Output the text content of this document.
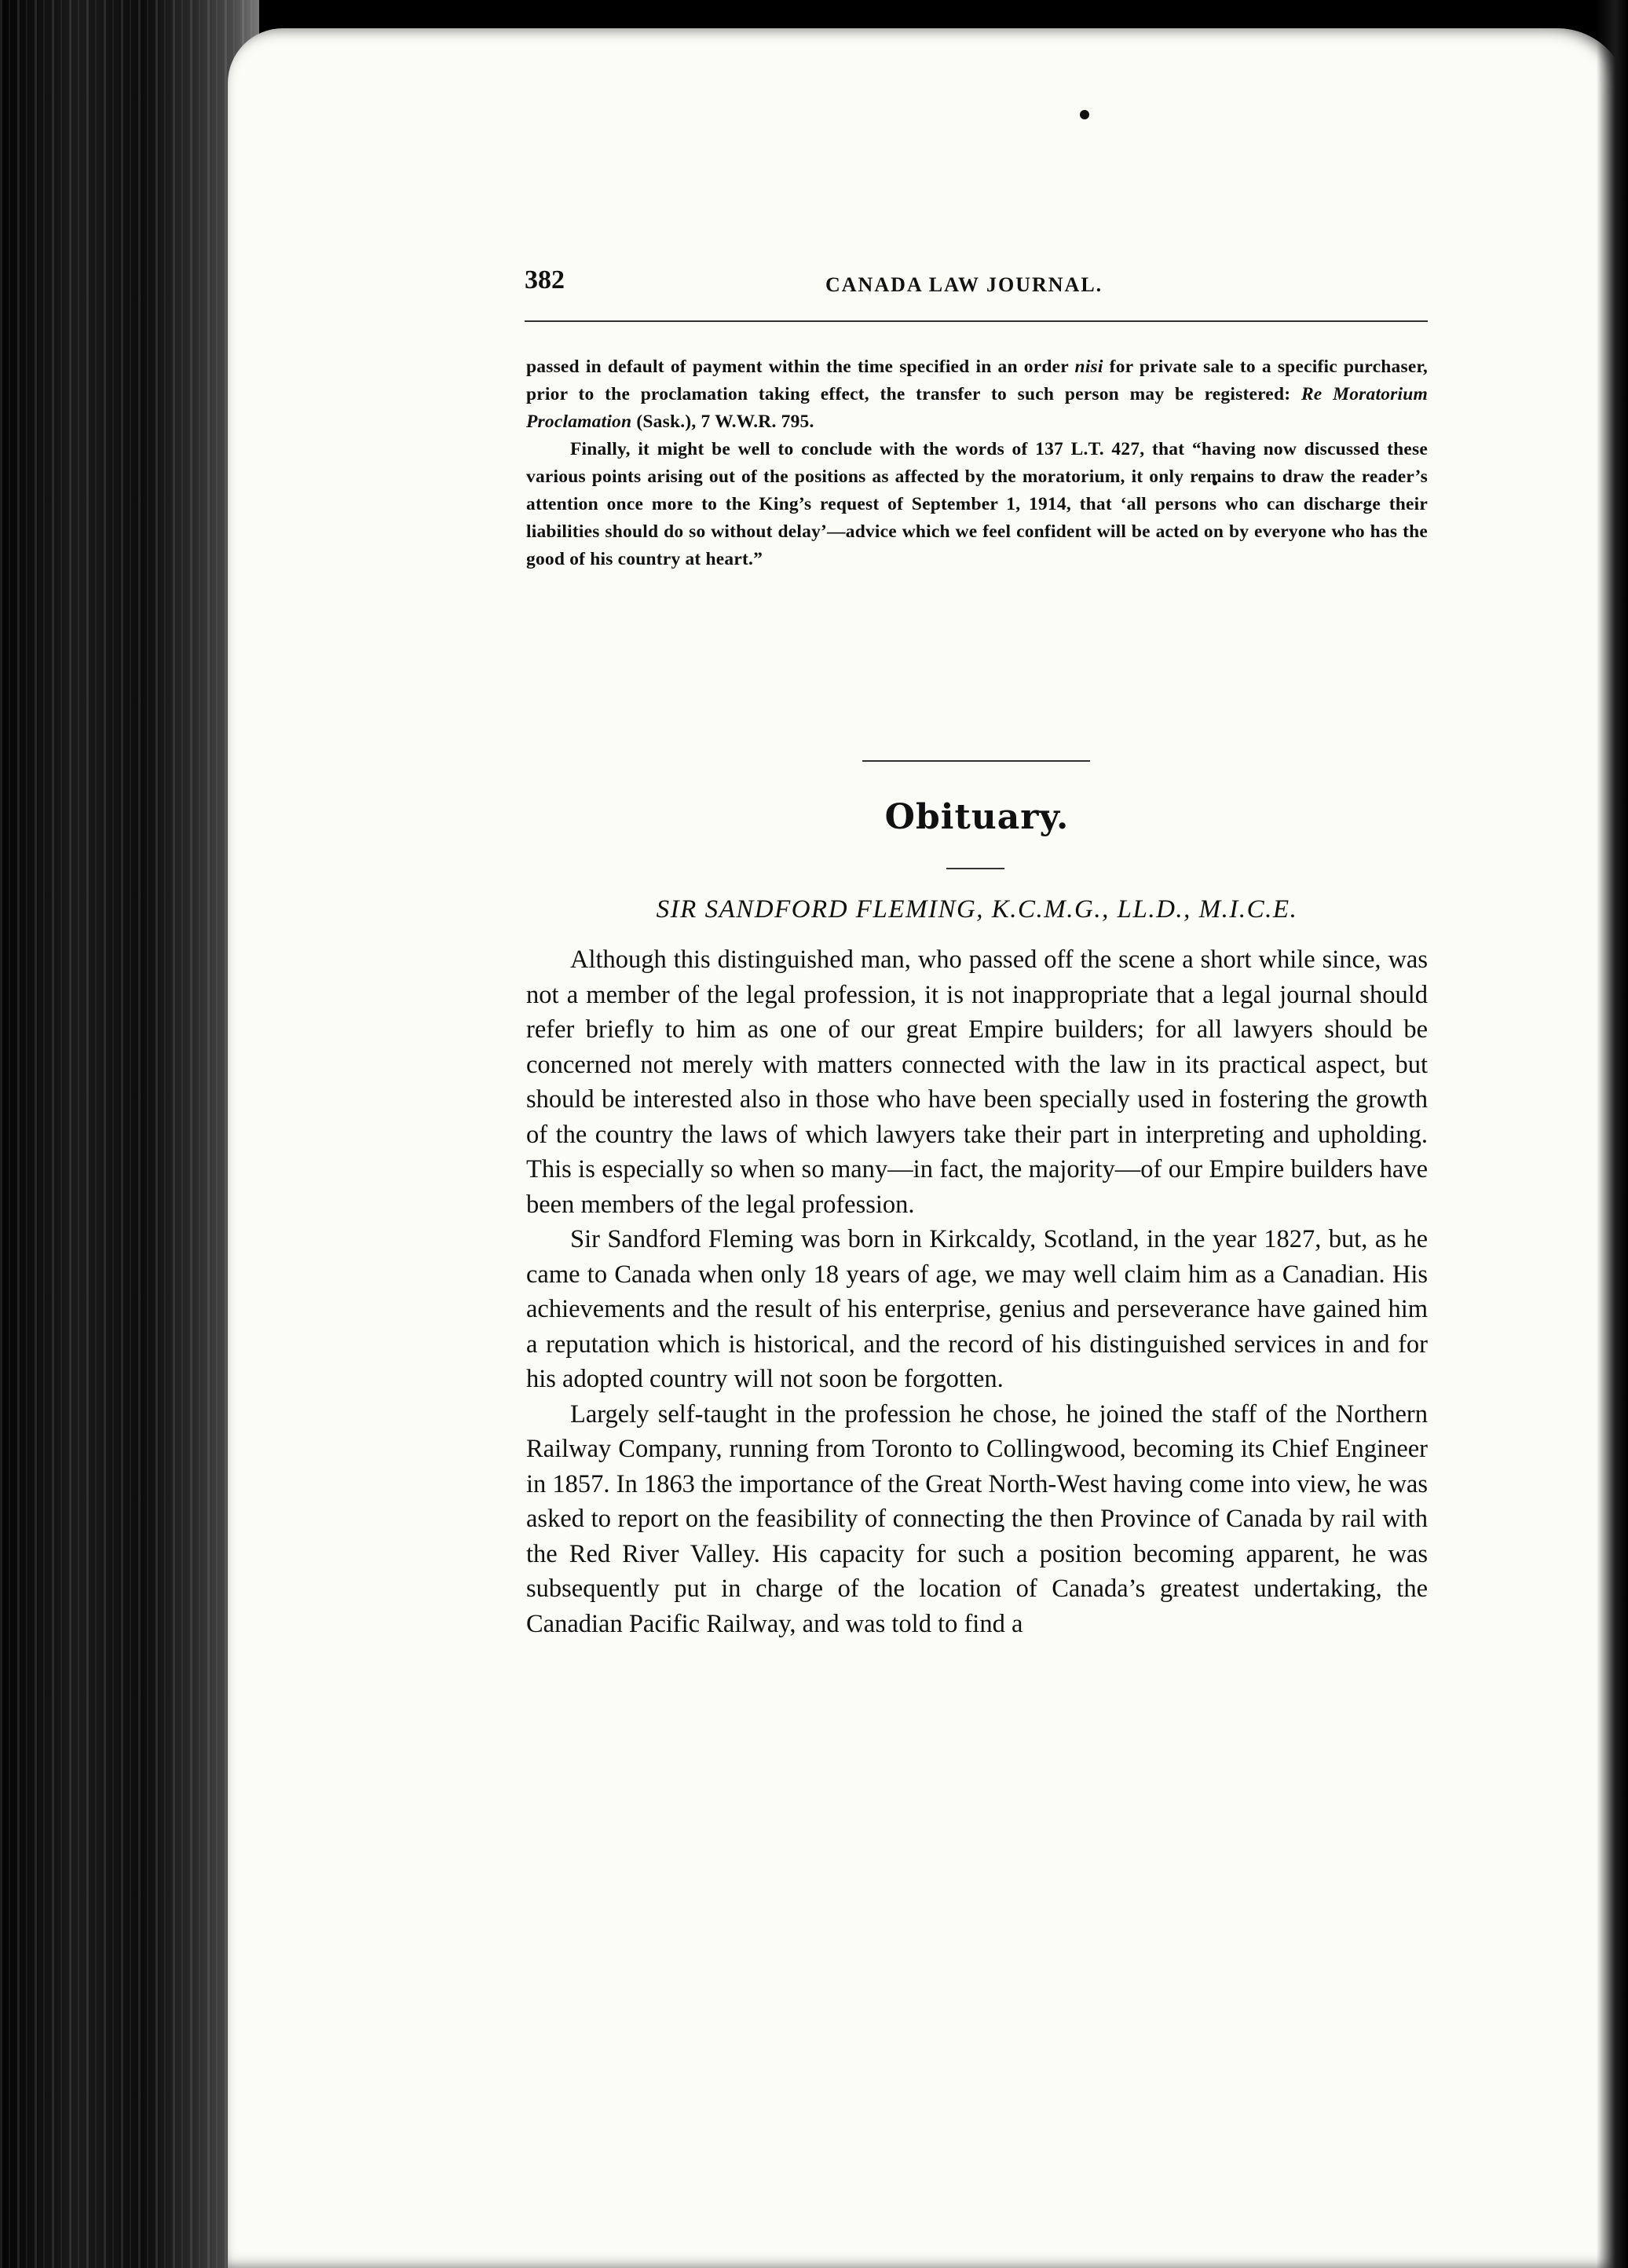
382	CANADA LAW JOURNAL.

passed in default of payment within the time specified in an order nisi for private sale to a specific purchaser, prior to the proclamation taking effect, the transfer to such person may be registered: Re Moratorium Proclamation (Sask.), 7 W.W.R. 795.

Finally, it might be well to conclude with the words of 137 L.T. 427, that “having now discussed these various points arising out of the positions as affected by the moratorium, it only remains to draw the reader’s attention once more to the King’s request of September 1, 1914, that ‘all persons who can discharge their liabilities should do so without delay’—advice which we feel confident will be acted on by everyone who has the good of his country at heart.”

Obituary.
SIR SANDFORD FLEMING, K.C.M.G., LL.D., M.I.C.E.

Although this distinguished man, who passed off the scene a short while since, was not a member of the legal profession, it is not inappropriate that a legal journal should refer briefly to him as one of our great Empire builders; for all lawyers should be concerned not merely with matters connected with the law in its practical aspect, but should be interested also in those who have been specially used in fostering the growth of the country the laws of which lawyers take their part in interpreting and upholding. This is especially so when so many—in fact, the majority—of our Empire builders have been members of the legal profession.

Sir Sandford Fleming was born in Kirkcaldy, Scotland, in the year 1827, but, as he came to Canada when only 18 years of age, we may well claim him as a Canadian. His achievements and the result of his enterprise, genius and perseverance have gained him a reputation which is historical, and the record of his distinguished services in and for his adopted country will not soon be forgotten.

Largely self-taught in the profession he chose, he joined the staff of the Northern Railway Company, running from Toronto to Collingwood, becoming its Chief Engineer in 1857. In 1863 the importance of the Great North-West having come into view, he was asked to report on the feasibility of connecting the then Province of Canada by rail with the Red River Valley. His capacity for such a position becoming apparent, he was subsequently put in charge of the location of Canada’s greatest undertaking, the Canadian Pacific Railway, and was told to find a
